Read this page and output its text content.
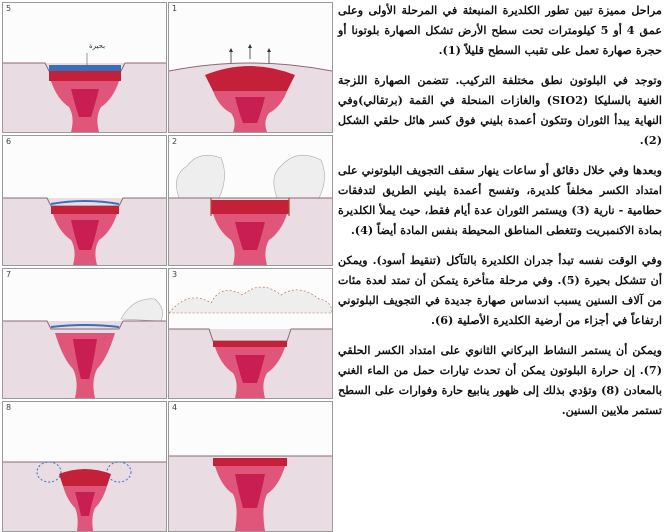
1
بحيرة
5
2
6
3
7
4
8

مراحل مميزة تبين تطور الكلديرة المنبعثة في المرحلة الأولى وعلى عمق 4 أو 5 كيلومترات تحت سطح الأرض تشكل الصهارة بلوتونا أو حجرة صهارة تعمل على تقبب السطح قليلاً (1).

وتوجد في البلوتون نطق مختلفة التركيب. تتضمن الصهارة اللزجة الغنية بالسليكا (SIO2) والغازات المنحلة في القمة (برتقالي)وفي النهاية يبدأ الثوران وتتكون أعمدة بليني فوق كسر هائل حلقي الشكل (2).

وبعدها وفي خلال دقائق أو ساعات ينهار سقف التجويف البلوتوني على امتداد الكسر مخلفاً كلديرة، وتفسح أعمدة بليني الطريق لتدفقات حطامية - نارية (3) ويستمر الثوران عدة أيام فقط، حيث يملأ الكلديرة بمادة الاكنمبريت وتتغطى المناطق المحيطة بنفس المادة أيضاً (4).

وفي الوقت نفسه تبدأ جدران الكلديرة بالتآكل (تنقيط أسود). ويمكن أن تتشكل بحيرة (5). وفي مرحلة متأخرة يتمكن أن تمتد لعدة مئات من آلاف السنين يسبب اندساس صهارة جديدة في التجويف البلوتوني ارتفاعاً في أجزاء من أرضية الكلديرة الأصلية (6).

ويمكن أن يستمر النشاط البركاني الثانوي على امتداد الكسر الحلقي (7). إن حرارة البلوتون يمكن أن تحدث تيارات حمل من الماء الغني بالمعادن (8) وتؤدي بذلك إلى ظهور ينابيع حارة وفوارات على السطح تستمر ملايين السنين.
